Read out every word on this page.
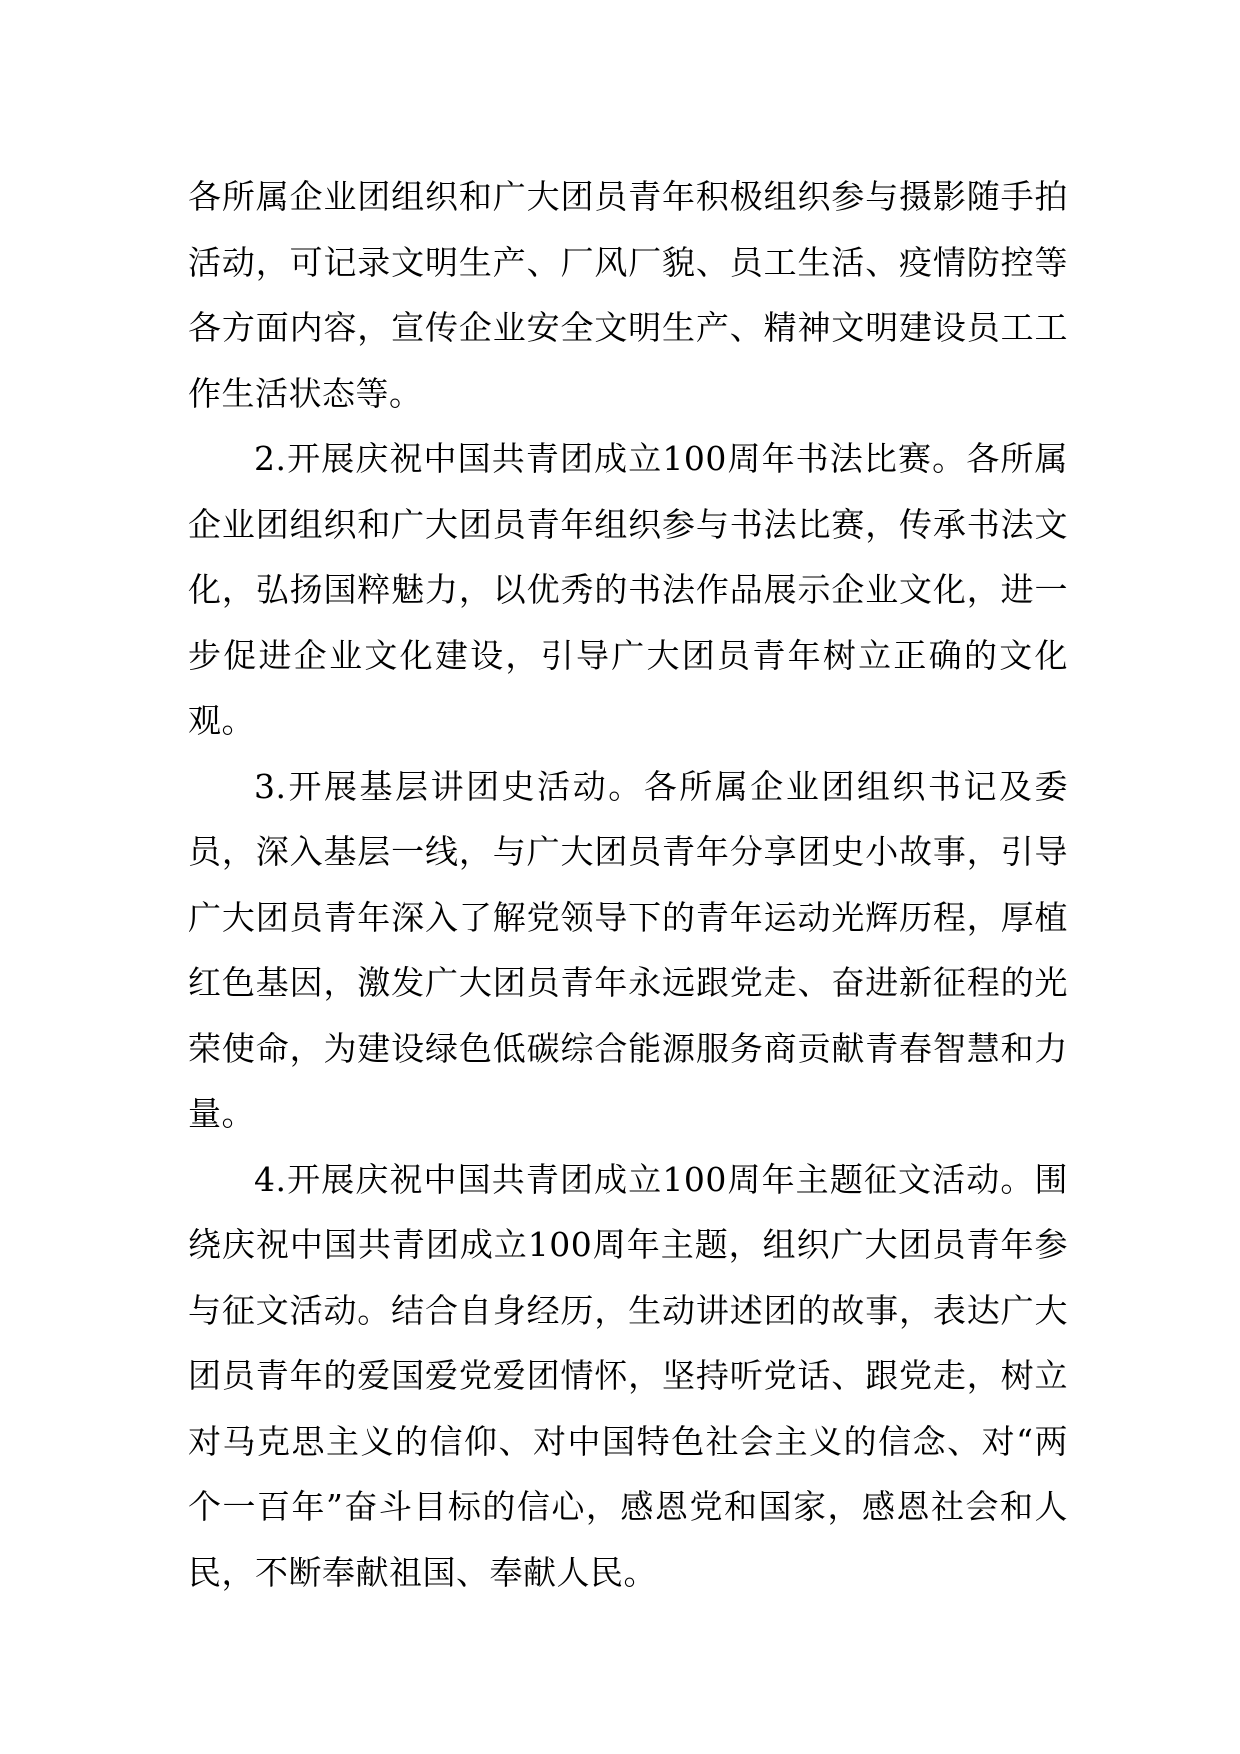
各所属企业团组织和广大团员青年积极组织参与摄影随手拍活动，可记录文明生产、厂风厂貌、员工生活、疫情防控等各方面内容，宣传企业安全文明生产、精神文明建设员工工作生活状态等。

2.开展庆祝中国共青团成立100周年书法比赛。各所属企业团组织和广大团员青年组织参与书法比赛，传承书法文化，弘扬国粹魅力，以优秀的书法作品展示企业文化，进一步促进企业文化建设，引导广大团员青年树立正确的文化观。

3.开展基层讲团史活动。各所属企业团组织书记及委员，深入基层一线，与广大团员青年分享团史小故事，引导广大团员青年深入了解党领导下的青年运动光辉历程，厚植红色基因，激发广大团员青年永远跟党走、奋进新征程的光荣使命，为建设绿色低碳综合能源服务商贡献青春智慧和力量。

4.开展庆祝中国共青团成立100周年主题征文活动。围绕庆祝中国共青团成立100周年主题，组织广大团员青年参与征文活动。结合自身经历，生动讲述团的故事，表达广大团员青年的爱国爱党爱团情怀，坚持听党话、跟党走，树立对马克思主义的信仰、对中国特色社会主义的信念、对“两个一百年”奋斗目标的信心，感恩党和国家，感恩社会和人民，不断奉献祖国、奉献人民。
